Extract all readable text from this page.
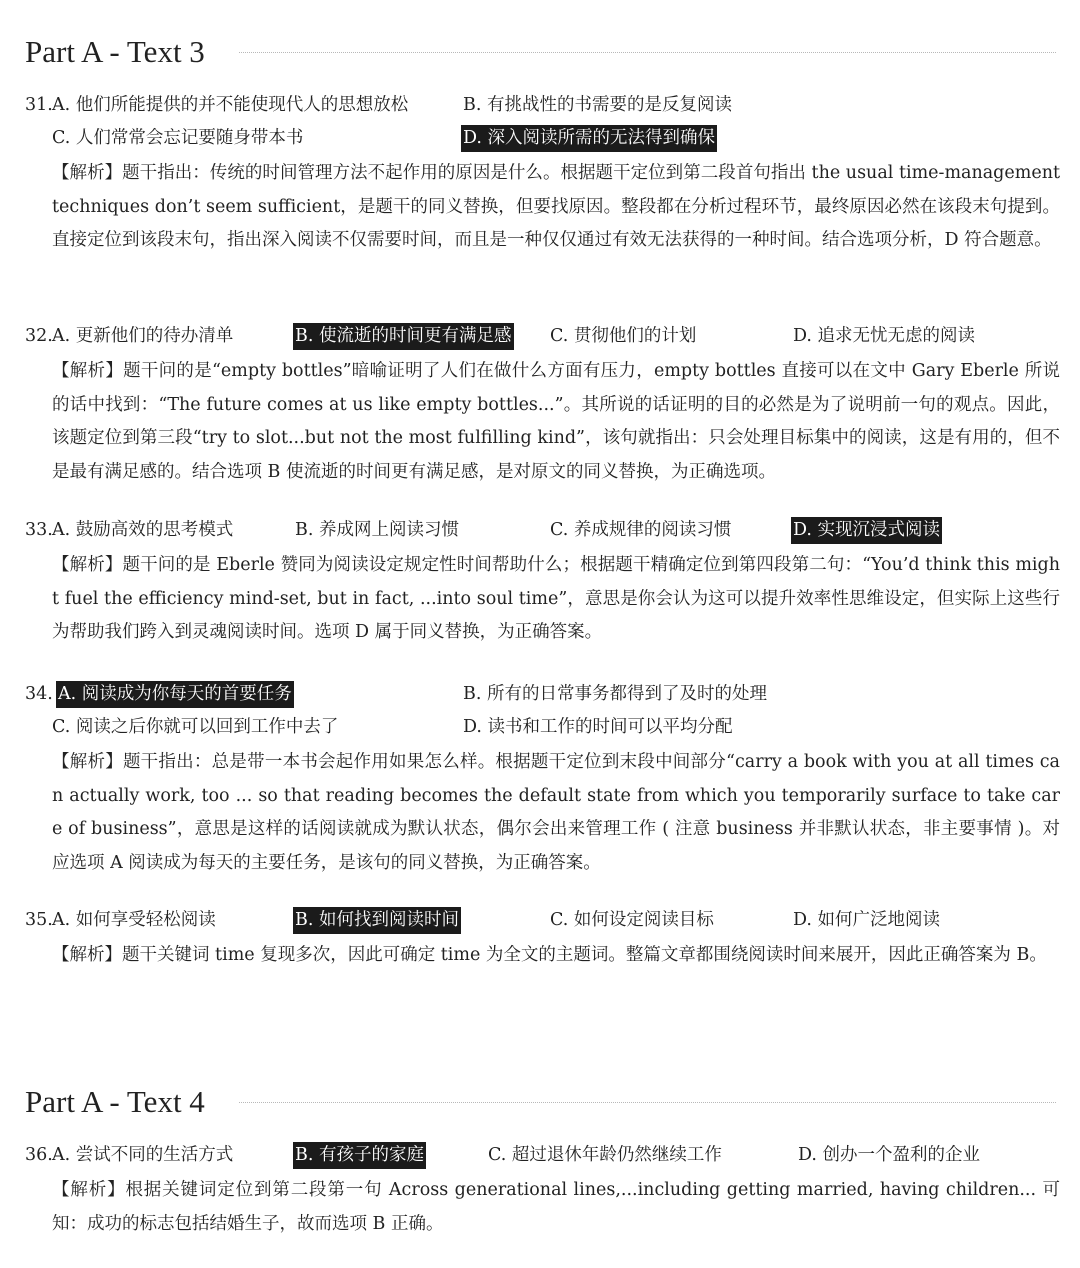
Part A - Text 3
31. A. 他们所能提供的并不能使现代人的思想放松	B. 有挑战性的书需要的是反复阅读
C. 人们常常会忘记要随身带本书	D. 深入阅读所需的无法得到确保
【解析】题干指出：传统的时间管理方法不起作用的原因是什么。根据题干定位到第二段首句指出 the usual time-management techniques don’t seem sufficient，是题干的同义替换，但要找原因。整段都在分析过程环节，最终原因必然在该段末句提到。直接定位到该段末句，指出深入阅读不仅需要时间，而且是一种仅仅通过有效无法获得的一种时间。结合选项分析，D 符合题意。
32. A. 更新他们的待办清单	B. 使流逝的时间更有满足感 C. 贯彻他们的计划	D. 追求无忧无虑的阅读
【解析】题干问的是“empty bottles”暗喻证明了人们在做什么方面有压力，empty bottles 直接可以在文中 Gary Eberle 所说的话中找到：“The future comes at us like empty bottles...”。其所说的话证明的目的必然是为了说明前一句的观点。因此，该题定位到第三段“try to slot...but not the most fulfilling kind”，该句就指出：只会处理目标集中的阅读，这是有用的，但不是最有满足感的。结合选项 B 使流逝的时间更有满足感，是对原文的同义替换，为正确选项。
33. A. 鼓励高效的思考模式	B. 养成网上阅读习惯	C. 养成规律的阅读习惯	D. 实现沉浸式阅读
【解析】题干问的是 Eberle 赞同为阅读设定规定性时间帮助什么；根据题干精确定位到第四段第二句：“You’d think this might fuel the efficiency mind-set, but in fact, ...into soul time”，意思是你会认为这可以提升效率性思维设定，但实际上这些行为帮助我们跨入到灵魂阅读时间。选项 D 属于同义替换，为正确答案。
34. A. 阅读成为你每天的首要任务	B. 所有的日常事务都得到了及时的处理
C. 阅读之后你就可以回到工作中去了	D. 读书和工作的时间可以平均分配
【解析】题干指出：总是带一本书会起作用如果怎么样。根据题干定位到末段中间部分“carry a book with you at all times can actually work, too ... so that reading becomes the default state from which you temporarily surface to take care of business”，意思是这样的话阅读就成为默认状态，偶尔会出来管理工作 ( 注意 business 并非默认状态，非主要事情 )。对应选项 A 阅读成为每天的主要任务，是该句的同义替换，为正确答案。
35. A. 如何享受轻松阅读	B. 如何找到阅读时间	C. 如何设定阅读目标	D. 如何广泛地阅读
【解析】题干关键词 time 复现多次，因此可确定 time 为全文的主题词。整篇文章都围绕阅读时间来展开，因此正确答案为 B。
Part A - Text 4
36. A. 尝试不同的生活方式	B. 有孩子的家庭	C. 超过退休年龄仍然继续工作	D. 创办一个盈利的企业
【解析】根据关键词定位到第二段第一句 Across generational lines,...including getting married, having children... 可知：成功的标志包括结婚生子，故而选项 B 正确。
